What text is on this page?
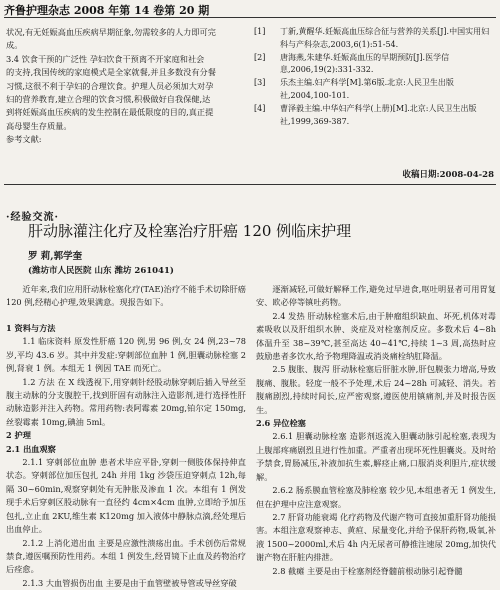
齐鲁护理杂志 2008 年第 14 卷第 20 期

状况,有无妊娠高血压疾病早期征象,勿需较多的人力即可完

成。

3.4 饮食干预的广泛性 孕妇饮食干预离不开家庭和社会

的支持,我国传统的家庭模式是全家就餐,并且多数没有分餐

习惯,这很不利于孕妇的合理饮食。护理人员必须加大对孕

妇的营养教育,建立合理的饮食习惯,积极做好自我保健,达

到将妊娠高血压疾病的发生控制在最低限度的目的,真正提

高母婴生存质量。

参考文献:

[1]	丁新,黄醒华.妊娠高血压综合征与营养的关系[J].中国实用妇科与产科杂志,2003,6(1):51-54.
[2]	唐海燕,朱建华.妊娠高血压的早期预防[J].医学信息,2006,19(2):331-332.
[3]	乐杰主编.妇产科学[M].第6版.北京:人民卫生出版社,2004,100-101.
[4]	曹泽毅主编.中华妇产科学(上册)[M].北京:人民卫生出版社,1999,369-387.
收稿日期:2008-04-28
·经验交流·
肝动脉灌注化疗及栓塞治疗肝癌 120 例临床护理
罗 莉,郭学奎
(潍坊市人民医院 山东 潍坊 261041)
近年来,我们应用肝动脉栓塞化疗(TAE)治疗不能手术切除肝癌 120 例,经精心护理,效果满意。现报告如下。

1 资料与方法

1.1 临床资料 原发性肝癌 120 例,男 96 例,女 24 例,23~78 岁,平均 43.6 岁。其中并发症:穿刺部位血肿 1 例,胆囊动脉栓塞 2 例,肾衰 1 例。本组无 1 例因 TAE 而死亡。

1.2 方法 在 X 线透视下,用穿刺针经股动脉穿刺后插入导丝至腹主动脉的分支腹腔干,找到肝固有动脉注入造影剂,进行选择性肝动脉造影并注入药物。常用药物:表阿霉素 20mg,铂尔定 150mg,丝裂霉素 10mg,碘油 5ml。

2 护理

2.1 出血观察

2.1.1 穿刺部位血肿 患者术毕应平卧,穿刺一侧肢体保持伸直状态。穿刺部位加压包扎 24h 并用 1kg 沙袋压迫穿刺点 12h,每隔 30~60min,观察穿刺处有无肿胀及渗血 1 次。本组有 1 例发现手术后穿刺区股动脉有一直径约 4cm×4cm 血肿,立即给予加压包扎,立止血 2KU,维生素 K120mg 加入液体中静脉点滴,经处理后出血停止。

2.1.2 上消化道出血 主要是应激性溃疡出血。手术创伤后常规禁食,遵医嘱预防性用药。本组 1 例发生,经胃镜下止血及药物治疗后痊愈。

2.1.3 大血管损伤出血 主要是由于血管壁被导管或导丝穿破

逐渐减轻,可做好解释工作,避免过早进食,呕吐明显者可用胃复安、欧必停等镇吐药物。

2.4 发热 肝动脉栓塞术后,由于肿瘤组织缺血、坏死,机体对毒素吸收以及肝组织水肿、炎症及对栓塞剂反应。多数术后 4~8h 体温升至 38~39℃,甚至高达 40~41℃,持续 1~3 周,高热时应鼓励患者多饮水,给予物理降温或消炎痛栓纳肛降温。

2.5 腹胀、腹泻 肝动脉栓塞后肝脏水肿,肝包膜张力增高,导致腹痛、腹胀。轻度一般不予处理,术后 24~28h 可减轻、消失。若腹痛剧烈,持续时间长,应严密观察,遵医使用镇痛剂,并及时报告医生。

2.6 异位栓塞

2.6.1 胆囊动脉栓塞 造影剂返流入胆囊动脉引起栓塞,表现为上腹部疼痛剧烈且进行性加重。严重者出现坏死性胆囊炎。及时给予禁食,胃肠减压,补液加抗生素,解痉止痛,口服消炎利胆片,症状缓解。

2.6.2 肠系膜血管栓塞及肺栓塞 较少见,本组患者无 1 例发生,但在护理中应注意观察。

2.7 肝肾功能衰竭 化疗药物及代谢产物可直接加重肝肾功能损害。本组注意观察神志、黄疸、尿量变化,并给予保肝药物,吸氧,补液 1500~2000ml,术后 4h 内无尿者可静推注速尿 20mg,加快代谢产物在肝脏内排泄。

2.8 截瘫 主要是由于栓塞剂经脊髓前根动脉引起脊髓
